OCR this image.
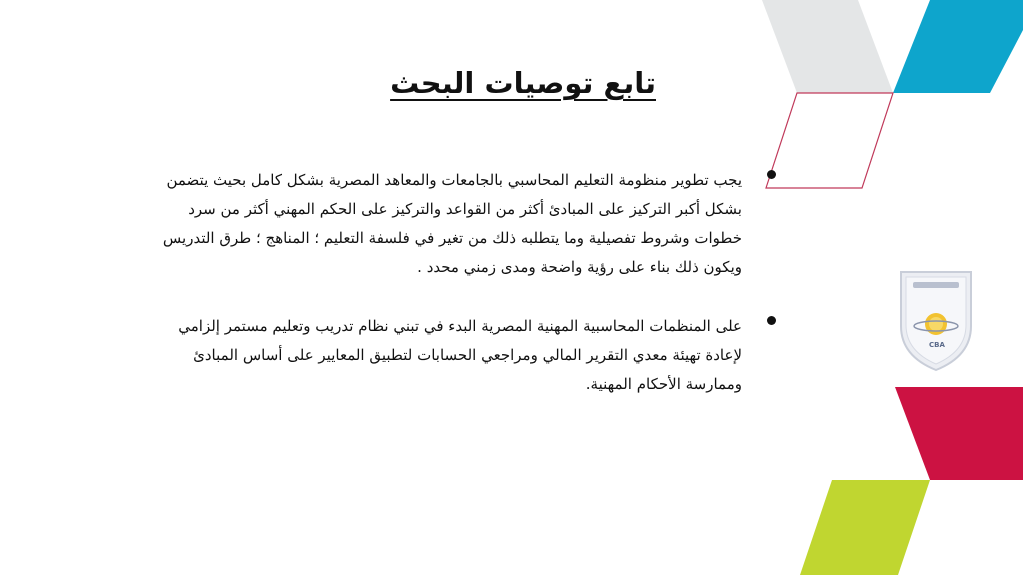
تابع توصيات البحث
يجب تطوير منظومة التعليم المحاسبي بالجامعات والمعاهد المصرية بشكل كامل بحيث يتضمن بشكل أكبر التركيز على المبادئ أكثر من القواعد والتركيز على الحكم المهني أكثر من سرد خطوات وشروط تفصيلية وما يتطلبه ذلك من تغير في فلسفة التعليم ؛ المناهج ؛ طرق التدريس ويكون ذلك بناء على رؤية واضحة ومدى زمني محدد .
على المنظمات المحاسبية المهنية المصرية البدء في تبني نظام تدريب وتعليم مستمر إلزامي لإعادة تهيئة معدي التقرير المالي ومراجعي الحسابات لتطبيق المعايير على أساس المبادئ وممارسة الأحكام المهنية.
CBA
